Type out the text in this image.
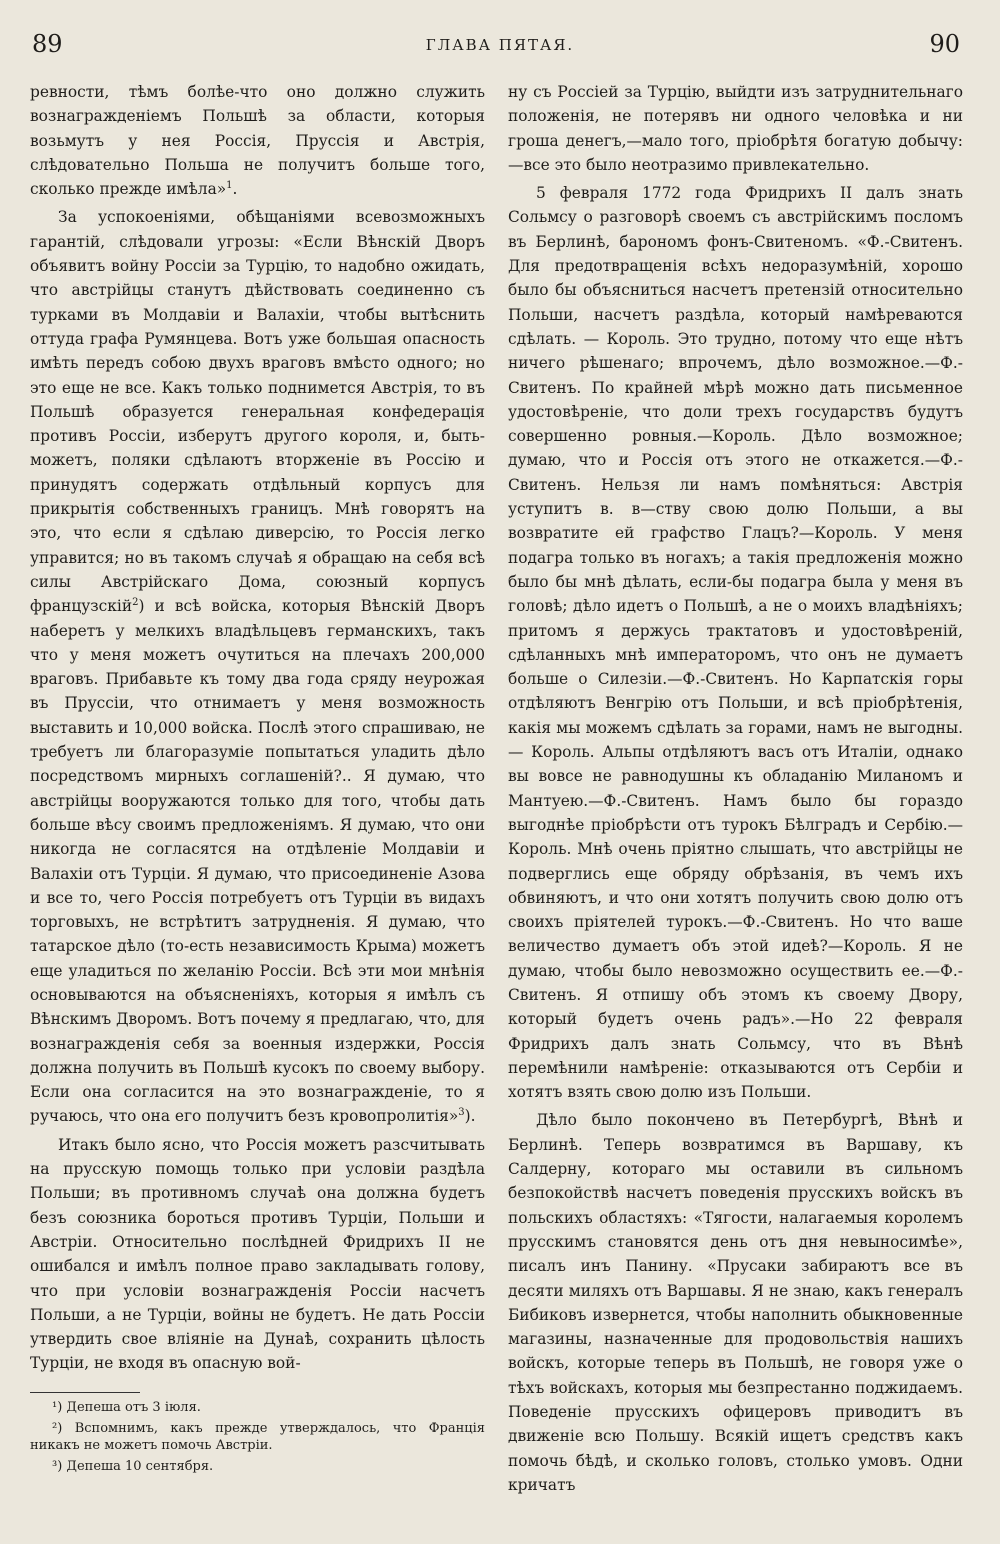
89	ГЛАВА ПЯТАЯ.	90

ревности, тѣмъ болѣе-что оно должно служить вознагражденіемъ Польшѣ за области, которыя возьмутъ у нея Россія, Пруссія и Австрія, слѣдовательно Польша не получитъ больше того, сколько прежде имѣла»$^1$.

За успокоеніями, обѣщаніями всевозможныхъ гарантій, слѣдовали угрозы: «Если Вѣнскій Дворъ объявитъ войну Россіи за Турцію, то надобно ожидать, что австрійцы станутъ дѣйствовать соединенно съ турками въ Молдавіи и Валахіи, чтобы вытѣснить оттуда графа Румянцева. Вотъ уже большая опасность имѣть передъ собою двухъ враговъ вмѣсто одного; но это еще не все. Какъ только поднимется Австрія, то въ Польшѣ образуется генеральная конфедерація противъ Россіи, изберутъ другого короля, и, быть-можетъ, поляки сдѣлаютъ вторженіе въ Россію и принудятъ содержать отдѣльный корпусъ для прикрытія собственныхъ границъ. Мнѣ говорятъ на это, что если я сдѣлаю диверсію, то Россія легко управится; но въ такомъ случаѣ я обращаю на себя всѣ силы Австрійскаго Дома, союзный корпусъ французскій$^2$) и всѣ войска, которыя Вѣнскій Дворъ наберетъ у мелкихъ владѣльцевъ германскихъ, такъ что у меня можетъ очутиться на плечахъ 200,000 враговъ. Прибавьте къ тому два года сряду неурожая въ Пруссіи, что отнимаетъ у меня возможность выставить и 10,000 войска. Послѣ этого спрашиваю, не требуетъ ли благоразуміе попытаться уладить дѣло посредствомъ мирныхъ соглашеній?.. Я думаю, что австрійцы вооружаются только для того, чтобы дать больше вѣсу своимъ предложеніямъ. Я думаю, что они никогда не согласятся на отдѣленіе Молдавіи и Валахіи отъ Турціи. Я думаю, что присоединеніе Азова и все то, чего Россія потребуетъ отъ Турціи въ видахъ торговыхъ, не встрѣтитъ затрудненія. Я думаю, что татарское дѣло (то-есть независимость Крыма) можетъ еще уладиться по желанію Россіи. Всѣ эти мои мнѣнія основываются на объясненіяхъ, которыя я имѣлъ съ Вѣнскимъ Дворомъ. Вотъ почему я предлагаю, что, для вознагражденія себя за военныя издержки, Россія должна получить въ Польшѣ кусокъ по своему выбору. Если она согласится на это вознагражденіе, то я ручаюсь, что она его получитъ безъ кровопролитія»$^3$).

Итакъ было ясно, что Россія можетъ разсчитывать на прусскую помощь только при условіи раздѣла Польши; въ противномъ случаѣ она должна будетъ безъ союзника бороться противъ Турціи, Польши и Австріи. Относительно послѣдней Фридрихъ II не ошибался и имѣлъ полное право закладывать голову, что при условіи вознагражденія Россіи насчетъ Польши, а не Турціи, войны не будетъ. Не дать Россіи утвердить свое вліяніе на Дунаѣ, сохранить цѣлость Турціи, не входя въ опасную вой-

¹) Депеша отъ 3 іюля.

²) Вспомнимъ, какъ прежде утверждалось, что Франція никакъ не можетъ помочь Австріи.

³) Депеша 10 сентября.

ну съ Россіей за Турцію, выйдти изъ затруднительнаго положенія, не потерявъ ни одного человѣка и ни гроша денегъ,—мало того, пріобрѣтя богатую добычу:—все это было неотразимо привлекательно.

5 февраля 1772 года Фридрихъ II далъ знать Сольмсу о разговорѣ своемъ съ австрійскимъ посломъ въ Берлинѣ, барономъ фонъ-Свитеномъ. «Ф.-Свитенъ. Для предотвращенія всѣхъ недоразумѣній, хорошо было бы объясниться насчетъ претензій относительно Польши, насчетъ раздѣла, который намѣреваются сдѣлать. — Король. Это трудно, потому что еще нѣтъ ничего рѣшенаго; впрочемъ, дѣло возможное.—Ф.-Свитенъ. По крайней мѣрѣ можно дать письменное удостовѣреніе, что доли трехъ государствъ будутъ совершенно ровныя.—Король. Дѣло возможное; думаю, что и Россія отъ этого не откажется.—Ф.-Свитенъ. Нельзя ли намъ помѣняться: Австрія уступитъ в. в—ству свою долю Польши, а вы возвратите ей графство Глацъ?—Король. У меня подагра только въ ногахъ; а такія предложенія можно было бы мнѣ дѣлать, если-бы подагра была у меня въ головѣ; дѣло идетъ о Польшѣ, а не о моихъ владѣніяхъ; притомъ я держусь трактатовъ и удостовѣреній, сдѣланныхъ мнѣ императоромъ, что онъ не думаетъ больше о Силезіи.—Ф.-Свитенъ. Но Карпатскія горы отдѣляютъ Венгрію отъ Польши, и всѣ пріобрѣтенія, какія мы можемъ сдѣлать за горами, намъ не выгодны. — Король. Альпы отдѣляютъ васъ отъ Италіи, однако вы вовсе не равнодушны къ обладанію Миланомъ и Мантуею.—Ф.-Свитенъ. Намъ было бы гораздо выгоднѣе пріобрѣсти отъ турокъ Бѣлградъ и Сербію.—Король. Мнѣ очень пріятно слышать, что австрійцы не подверглись еще обряду обрѣзанія, въ чемъ ихъ обвиняютъ, и что они хотятъ получить свою долю отъ своихъ пріятелей турокъ.—Ф.-Свитенъ. Но что ваше величество думаетъ объ этой идеѣ?—Король. Я не думаю, чтобы было невозможно осуществить ее.—Ф.-Свитенъ. Я отпишу объ этомъ къ своему Двору, который будетъ очень радъ».—Но 22 февраля Фридрихъ далъ знать Сольмсу, что въ Вѣнѣ перемѣнили намѣреніе: отказываются отъ Сербіи и хотятъ взять свою долю изъ Польши.

Дѣло было покончено въ Петербургѣ, Вѣнѣ и Берлинѣ. Теперь возвратимся въ Варшаву, къ Салдерну, котораго мы оставили въ сильномъ безпокойствѣ насчетъ поведенія прусскихъ войскъ въ польскихъ областяхъ: «Тягости, налагаемыя королемъ прусскимъ становятся день отъ дня невыносимѣе», писалъ инъ Панину. «Прусаки забираютъ все въ десяти миляхъ отъ Варшавы. Я не знаю, какъ генералъ Бибиковъ извернется, чтобы наполнить обыкновенные магазины, назначенные для продовольствія нашихъ войскъ, которые теперь въ Польшѣ, не говоря уже о тѣхъ войскахъ, которыя мы безпрестанно поджидаемъ. Поведеніе прусскихъ офицеровъ приводитъ въ движеніе всю Польшу. Всякій ищетъ средствъ какъ помочь бѣдѣ, и сколько головъ, столько умовъ. Одни кричатъ
